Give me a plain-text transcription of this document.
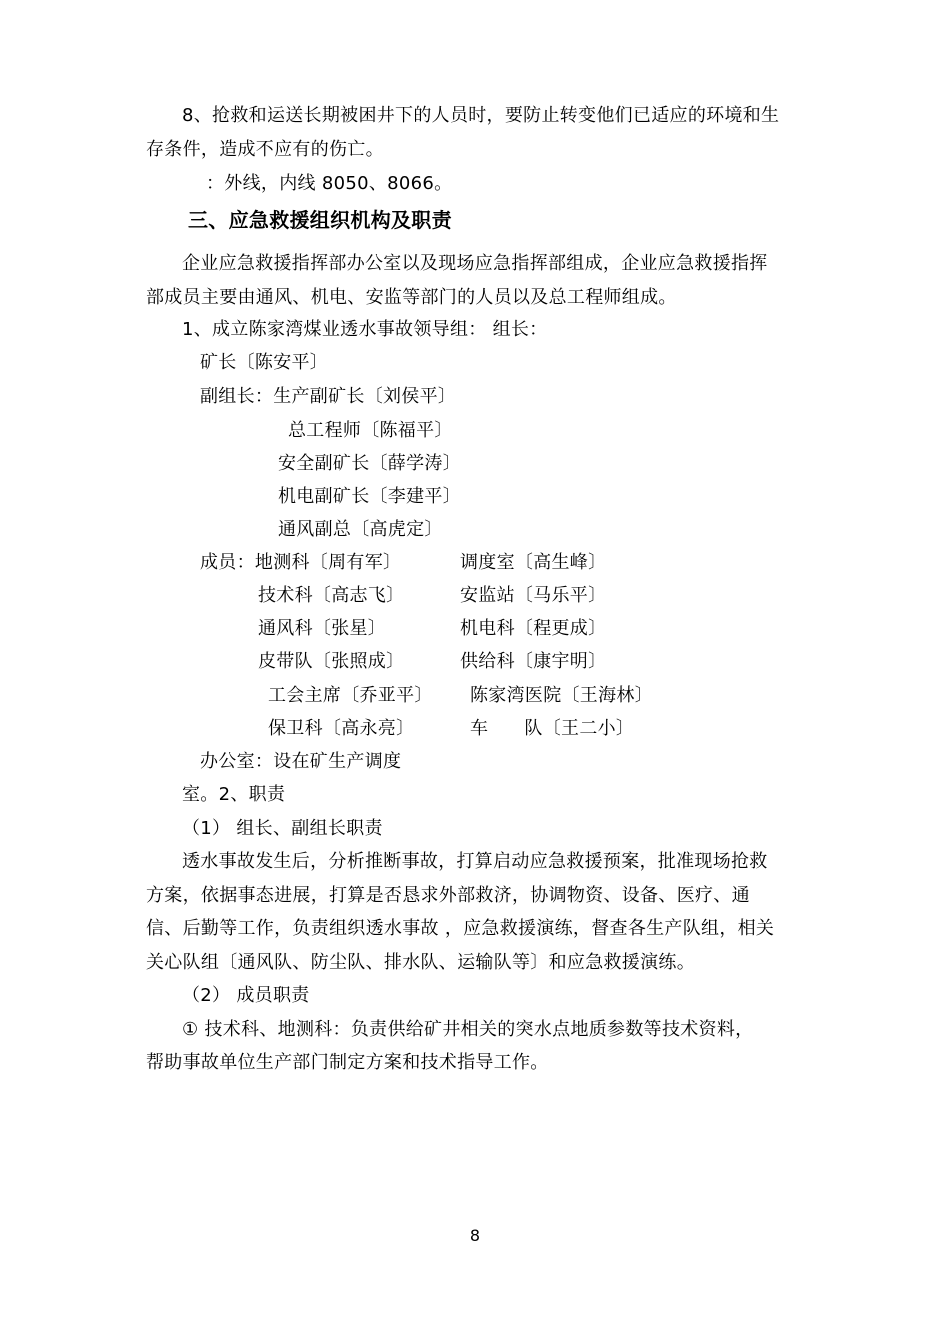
8、抢救和运送长期被困井下的人员时，要防止转变他们已适应的环境和生
存条件，造成不应有的伤亡。
：外线，内线 8050、8066。
三、应急救援组织机构及职责
企业应急救援指挥部办公室以及现场应急指挥部组成，企业应急救援指挥
部成员主要由通风、机电、安监等部门的人员以及总工程师组成。
1、成立陈家湾煤业透水事故领导组： 组长：
矿长〔陈安平〕
副组长：生产副矿长〔刘侯平〕
总工程师〔陈福平〕
安全副矿长〔薛学涛〕
机电副矿长〔李建平〕
通风副总〔高虎定〕
成员：地测科〔周有军〕	调度室〔高生峰〕
技术科〔高志飞〕	安监站〔马乐平〕
通风科〔张星〕	机电科〔程更成〕
皮带队〔张照成〕	供给科〔康宇明〕
工会主席〔乔亚平〕 陈家湾医院〔王海林〕
保卫科〔高永亮〕	车      队〔王二小〕
办公室：设在矿生产调度
室。2、职责
（1） 组长、副组长职责
透水事故发生后，分析推断事故，打算启动应急救援预案，批准现场抢救
方案，依据事态进展，打算是否恳求外部救济，协调物资、设备、医疗、通
信、后勤等工作，负责组织透水事故 ，应急救援演练，督查各生产队组，相关
关心队组〔通风队、防尘队、排水队、运输队等〕和应急救援演练。
（2） 成员职责
① 技术科、地测科：负责供给矿井相关的突水点地质参数等技术资料，
帮助事故单位生产部门制定方案和技术指导工作。
8
